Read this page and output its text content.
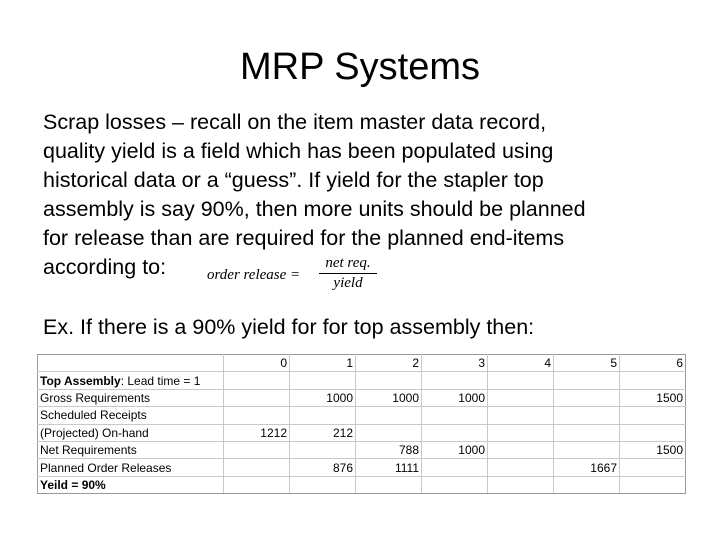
MRP Systems
Scrap losses – recall on the item master data record,
quality yield is a field which has been populated using
historical data or a “guess”. If yield for the stapler top
assembly is say 90%, then more units should be planned
for release than are required for the planned end-items
according to:	order release =
net req.
yield
Ex. If there is a 90% yield for for top assembly then:
	0	1	2	3	4	5	6
Top Assembly: Lead time = 1							
Gross Requirements		1000	1000	1000			1500
Scheduled Receipts							
(Projected) On-hand	1212	212					
Net Requirements			788	1000			1500
Planned Order Releases		876	1111			1667	
Yeild = 90%							
